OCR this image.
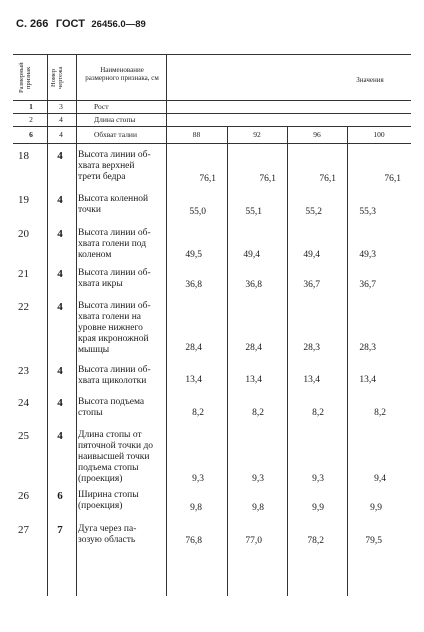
С. 266 ГОСТ 26456.0—89
Размерный признак	Номер чертежа	Наименование размерного признака, см	Значения
1	3	Рост
2	4	Длина стопы
6	4	Обхват талии	88	92	96	100
18	4	Высота линии об-
хвата верхней
трети бедра	76,1	76,1	76,1	76,1
19	4	Высота коленной
точки	55,0	55,1	55,2	55,3
20	4	Высота линии об-
хвата голени под
коленом	49,5	49,4	49,4	49,3
21	4	Высота линии об-
хвата икры	36,8	36,8	36,7	36,7
22	4	Высота линии об-
хвата голени на
уровне нижнего
края икроножной
мышцы	28,4	28,4	28,3	28,3
23	4	Высота линии об-
хвата щиколотки	13,4	13,4	13,4	13,4
24	4	Высота подъема
стопы	8,2	8,2	8,2	8,2
25	4	Длина стопы от
пяточной точки до
наивысшей точки
подъема стопы
(проекция)	9,3	9,3	9,3	9,4
26	6	Ширина стопы
(проекция)	9,8	9,8	9,9	9,9
27	7	Дуга через па-
зозую область	76,8	77,0	78,2	79,5
